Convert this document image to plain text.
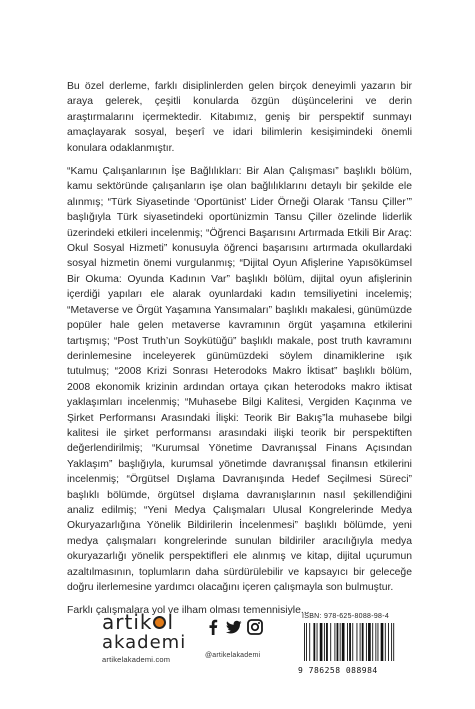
Bu özel derleme, farklı disiplinlerden gelen birçok deneyimli yazarın bir araya gelerek, çeşitli konularda özgün düşüncelerini ve derin araştırmalarını içermektedir. Kitabımız, geniş bir perspektif sunmayı amaçlayarak sosyal, beşerî ve idari bilimlerin kesişimindeki önemli konulara odaklanmıştır.

“Kamu Çalışanlarının İşe Bağlılıkları: Bir Alan Çalışması” başlıklı bölüm, kamu sektöründe çalışanların işe olan bağlılıklarını detaylı bir şekilde ele alınmış; “Türk Siyasetinde ‘Oportünist’ Lider Örneği Olarak ‘Tansu Çiller’” başlığıyla Türk siyasetindeki oportünizmin Tansu Çiller özelinde liderlik üzerindeki etkileri incelenmiş; “Öğrenci Başarısını Artırmada Etkili Bir Araç: Okul Sosyal Hizmeti” konusuyla öğrenci başarısını artırmada okullardaki sosyal hizmetin önemi vurgulanmış; “Dijital Oyun Afişlerine Yapısökümsel Bir Okuma: Oyunda Kadının Var” başlıklı bölüm, dijital oyun afişlerinin içerdiği yapıları ele alarak oyunlardaki kadın temsiliyetini incelemiş; “Metaverse ve Örgüt Yaşamına Yansımaları” başlıklı makalesi, günümüzde popüler hale gelen metaverse kavramının örgüt yaşamına etkilerini tartışmış; “Post Truth’un Soykütüğü” başlıklı makale, post truth kavramını derinlemesine inceleyerek günümüzdeki söylem dinamiklerine ışık tutulmuş; “2008 Krizi Sonrası Heterodoks Makro İktisat” başlıklı bölüm, 2008 ekonomik krizinin ardından ortaya çıkan heterodoks makro iktisat yaklaşımları incelenmiş; “Muhasebe Bilgi Kalitesi, Vergiden Kaçınma ve Şirket Performansı Arasındaki İlişki: Teorik Bir Bakış”la muhasebe bilgi kalitesi ile şirket performansı arasındaki ilişki teorik bir perspektiften değerlendirilmiş; “Kurumsal Yönetime Davranışsal Finans Açısından Yaklaşım” başlığıyla, kurumsal yönetimde davranışsal finansın etkilerini incelenmiş; “Örgütsel Dışlama Davranışında Hedef Seçilmesi Süreci” başlıklı bölümde, örgütsel dışlama davranışlarının nasıl şekillendiğini analiz edilmiş; “Yeni Medya Çalışmaları Ulusal Kongrelerinde Medya Okuryazarlığına Yönelik Bildirilerin İncelenmesi” başlıklı bölümde, yeni medya çalışmaları kongrelerinde sunulan bildiriler aracılığıyla medya okuryazarlığı yönelik perspektifleri ele alınmış ve kitap, dijital uçurumun azaltılmasının, toplumların daha sürdürülebilir ve kapsayıcı bir geleceğe doğru ilerlemesine yardımcı olacağını içeren çalışmayla son bulmuştur.

Farklı çalışmalara yol ve ilham olması temennisiyle...

artik l
akademi
artikelakademi.com	@artikelakademi
ISBN: 978-625-8088-98-4
9 786258 088984
